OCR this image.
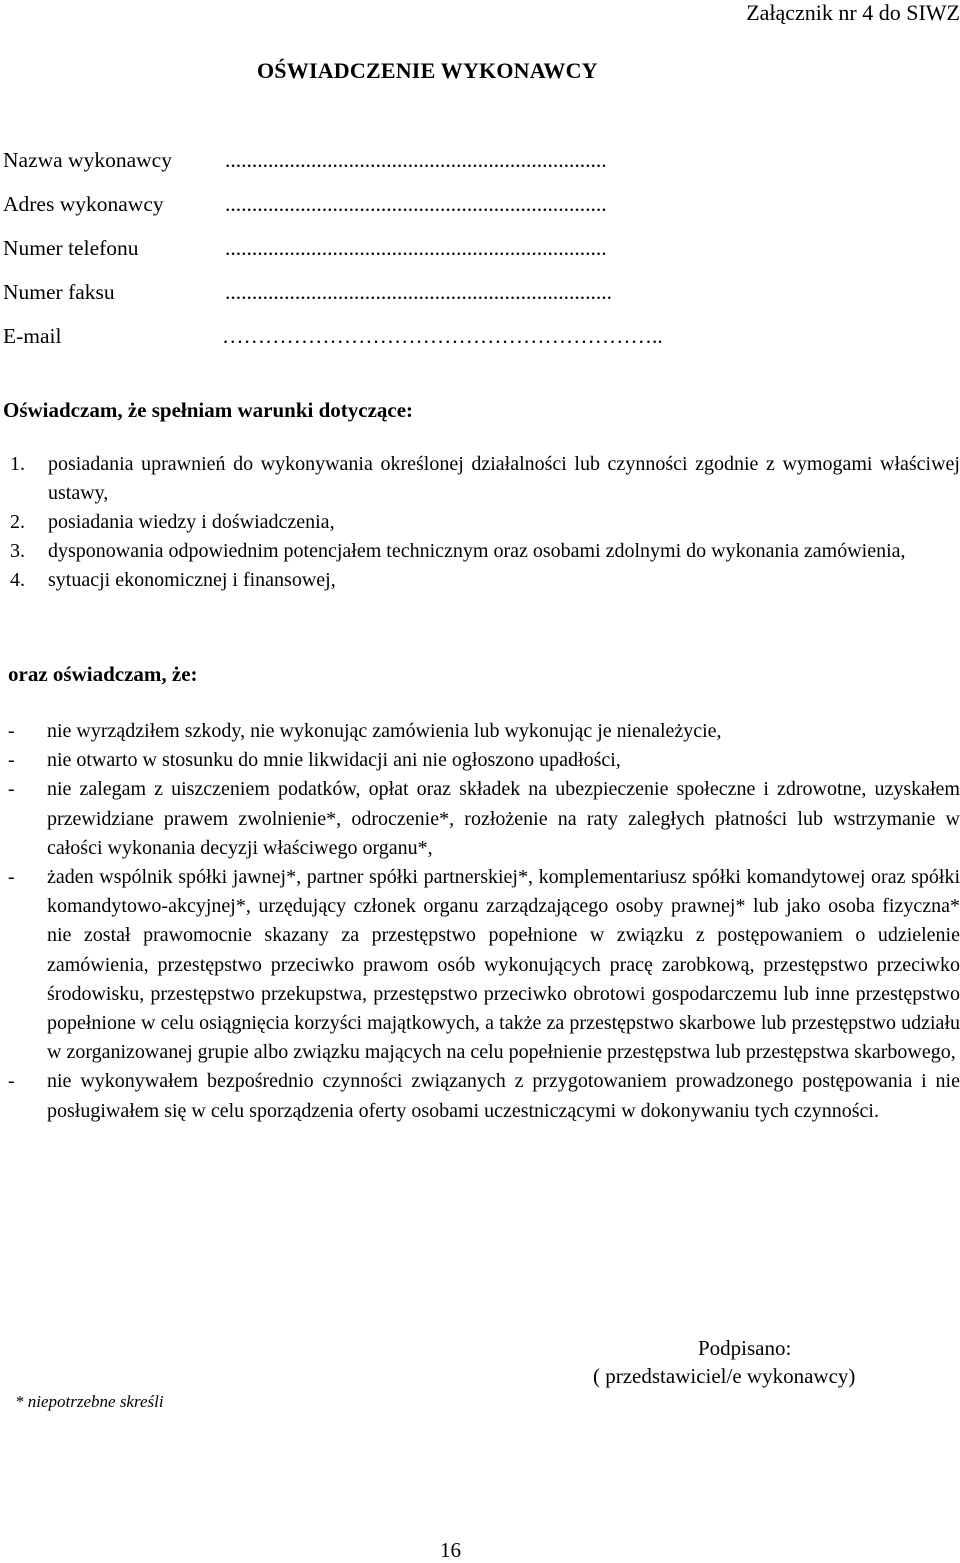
Załącznik nr 4 do SIWZ
OŚWIADCZENIE WYKONAWCY
Nazwa wykonawcy .......................................................................
Adres wykonawcy	.......................................................................
Numer telefonu	.......................................................................
Numer faksu	........................................................................
E-mail	……………………………………………………..
Oświadczam, że spełniam warunki dotyczące:
1. posiadania uprawnień do wykonywania określonej działalności lub czynności zgodnie z wymogami właściwej ustawy,
2. posiadania wiedzy i doświadczenia,
3. dysponowania odpowiednim potencjałem technicznym oraz osobami zdolnymi do wykonania zamówienia,
4. sytuacji ekonomicznej i finansowej,
oraz oświadczam, że:
- nie wyrządziłem szkody, nie wykonując zamówienia lub wykonując je nienależycie,
- nie otwarto w stosunku do mnie likwidacji ani nie ogłoszono upadłości,
- nie zalegam z uiszczeniem podatków, opłat oraz składek na ubezpieczenie społeczne i zdrowotne, uzyskałem przewidziane prawem zwolnienie*, odroczenie*, rozłożenie na raty zaległych płatności lub wstrzymanie w całości wykonania decyzji właściwego organu*,
- żaden wspólnik spółki jawnej*, partner spółki partnerskiej*, komplementariusz spółki komandytowej oraz spółki komandytowo-akcyjnej*, urzędujący członek organu zarządzającego osoby prawnej* lub jako osoba fizyczna* nie został prawomocnie skazany za przestępstwo popełnione w związku z postępowaniem o udzielenie zamówienia, przestępstwo przeciwko prawom osób wykonujących pracę zarobkową, przestępstwo przeciwko środowisku, przestępstwo przekupstwa, przestępstwo przeciwko obrotowi gospodarczemu lub inne przestępstwo popełnione w celu osiągnięcia korzyści majątkowych, a także za przestępstwo skarbowe lub przestępstwo udziału w zorganizowanej grupie albo związku mających na celu popełnienie przestępstwa lub przestępstwa skarbowego,
- nie wykonywałem bezpośrednio czynności związanych z przygotowaniem prowadzonego postępowania i nie posługiwałem się w celu sporządzenia oferty osobami uczestniczącymi w dokonywaniu tych czynności.
Podpisano:
( przedstawiciel/e wykonawcy)
* niepotrzebne skreśli
16
